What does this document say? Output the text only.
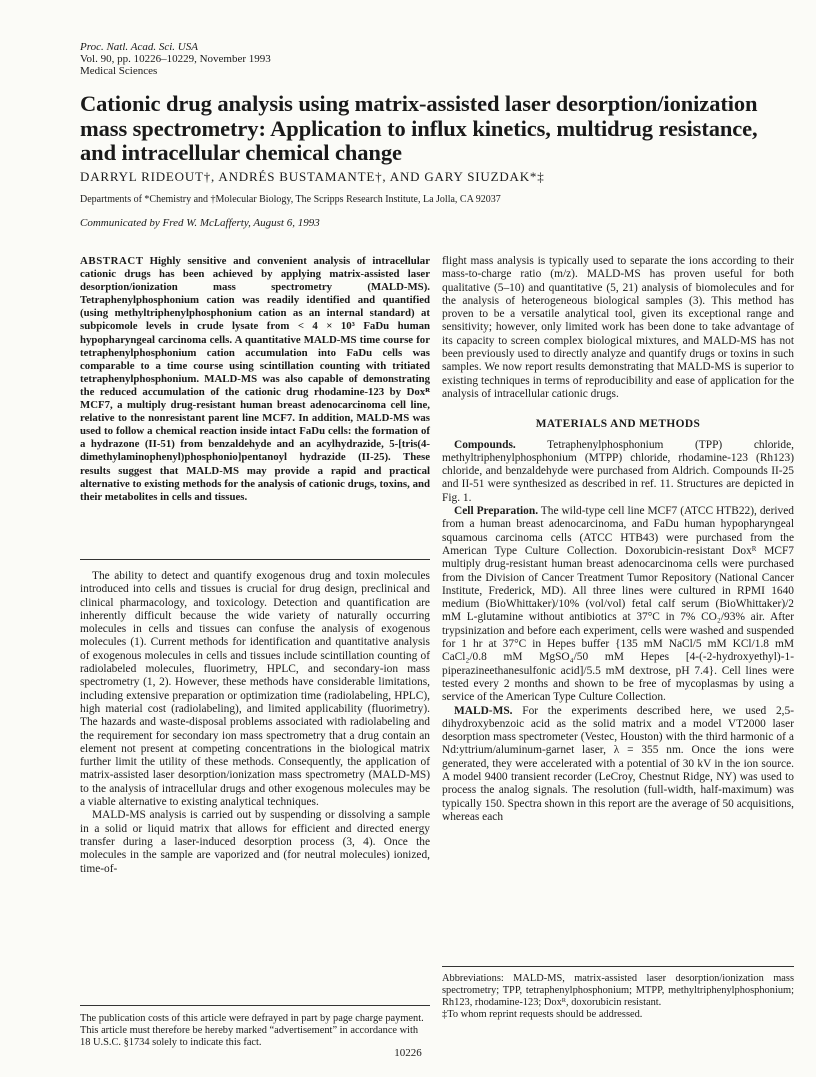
Proc. Natl. Acad. Sci. USA
Vol. 90, pp. 10226–10229, November 1993
Medical Sciences
Cationic drug analysis using matrix-assisted laser desorption/ionization mass spectrometry: Application to influx kinetics, multidrug resistance, and intracellular chemical change
DARRYL RIDEOUT†, ANDRÉS BUSTAMANTE†, AND GARY SIUZDAK*‡
Departments of *Chemistry and †Molecular Biology, The Scripps Research Institute, La Jolla, CA 92037
Communicated by Fred W. McLafferty, August 6, 1993

ABSTRACT Highly sensitive and convenient analysis of intracellular cationic drugs has been achieved by applying matrix-assisted laser desorption/ionization mass spectrometry (MALD-MS). Tetraphenylphosphonium cation was readily identified and quantified (using methyltriphenylphosphonium cation as an internal standard) at subpicomole levels in crude lysate from < 4 × 10³ FaDu human hypopharyngeal carcinoma cells. A quantitative MALD-MS time course for tetraphenylphosphonium cation accumulation into FaDu cells was comparable to a time course using scintillation counting with tritiated tetraphenylphosphonium. MALD-MS was also capable of demonstrating the reduced accumulation of the cationic drug rhodamine-123 by Doxᴿ MCF7, a multiply drug-resistant human breast adenocarcinoma cell line, relative to the nonresistant parent line MCF7. In addition, MALD-MS was used to follow a chemical reaction inside intact FaDu cells: the formation of a hydrazone (II-51) from benzaldehyde and an acylhydrazide, 5-[tris(4-dimethylaminophenyl)phosphonio]pentanoyl hydrazide (II-25). These results suggest that MALD-MS may provide a rapid and practical alternative to existing methods for the analysis of cationic drugs, toxins, and their metabolites in cells and tissues.

The ability to detect and quantify exogenous drug and toxin molecules introduced into cells and tissues is crucial for drug design, preclinical and clinical pharmacology, and toxicology. Detection and quantification are inherently difficult because the wide variety of naturally occurring molecules in cells and tissues can confuse the analysis of exogenous molecules (1). Current methods for identification and quantitative analysis of exogenous molecules in cells and tissues include scintillation counting of radiolabeled molecules, fluorimetry, HPLC, and secondary-ion mass spectrometry (1, 2). However, these methods have considerable limitations, including extensive preparation or optimization time (radiolabeling, HPLC), high material cost (radiolabeling), and limited applicability (fluorimetry). The hazards and waste-disposal problems associated with radiolabeling and the requirement for secondary ion mass spectrometry that a drug contain an element not present at competing concentrations in the biological matrix further limit the utility of these methods. Consequently, the application of matrix-assisted laser desorption/ionization mass spectrometry (MALD-MS) to the analysis of intracellular drugs and other exogenous molecules may be a viable alternative to existing analytical techniques.

MALD-MS analysis is carried out by suspending or dissolving a sample in a solid or liquid matrix that allows for efficient and directed energy transfer during a laser-induced desorption process (3, 4). Once the molecules in the sample are vaporized and (for neutral molecules) ionized, time-of-

flight mass analysis is typically used to separate the ions according to their mass-to-charge ratio (m/z). MALD-MS has proven useful for both qualitative (5–10) and quantitative (5, 21) analysis of biomolecules and for the analysis of heterogeneous biological samples (3). This method has proven to be a versatile analytical tool, given its exceptional range and sensitivity; however, only limited work has been done to take advantage of its capacity to screen complex biological mixtures, and MALD-MS has not been previously used to directly analyze and quantify drugs or toxins in such samples. We now report results demonstrating that MALD-MS is superior to existing techniques in terms of reproducibility and ease of application for the analysis of intracellular cationic drugs.

MATERIALS AND METHODS

Compounds.	Tetraphenylphosphonium (TPP) chloride, methyltriphenylphosphonium (MTPP) chloride, rhodamine-123 (Rh123) chloride, and benzaldehyde were purchased from Aldrich. Compounds II-25 and II-51 were synthesized as described in ref. 11. Structures are depicted in Fig. 1.

Cell Preparation. The wild-type cell line MCF7 (ATCC HTB22), derived from a human breast adenocarcinoma, and FaDu human hypopharyngeal squamous carcinoma cells (ATCC HTB43) were purchased from the American Type Culture Collection. Doxorubicin-resistant Doxᴿ MCF7 multiply drug-resistant human breast adenocarcinoma cells were purchased from the Division of Cancer Treatment Tumor Repository (National Cancer Institute, Frederick, MD). All three lines were cultured in RPMI 1640 medium (BioWhittaker)/10% (vol/vol) fetal calf serum (BioWhittaker)/2 mM L-glutamine without antibiotics at 37°C in 7% CO₂/93% air. After trypsinization and before each experiment, cells were washed and suspended for 1 hr at 37°C in Hepes buffer {135 mM NaCl/5 mM KCl/1.8 mM CaCl₂/0.8 mM MgSO₄/50 mM Hepes [4-(-2-hydroxyethyl)-1-piperazineethanesulfonic acid]/5.5 mM dextrose, pH 7.4}. Cell lines were tested every 2 months and shown to be free of mycoplasmas by using a service of the American Type Culture Collection.

MALD-MS. For the experiments described here, we used 2,5-dihydroxybenzoic acid as the solid matrix and a model VT2000 laser desorption mass spectrometer (Vestec, Houston) with the third harmonic of a Nd:yttrium/aluminum-garnet laser, λ = 355 nm. Once the ions were generated, they were accelerated with a potential of 30 kV in the ion source. A model 9400 transient recorder (LeCroy, Chestnut Ridge, NY) was used to process the analog signals. The resolution (full-width, half-maximum) was typically 150. Spectra shown in this report are the average of 50 acquisitions, whereas each

The publication costs of this article were defrayed in part by page charge payment. This article must therefore be hereby marked “advertisement” in accordance with 18 U.S.C. §1734 solely to indicate this fact.
Abbreviations: MALD-MS, matrix-assisted laser desorption/ionization mass spectrometry; TPP, tetraphenylphosphonium; MTPP, methyltriphenylphosphonium; Rh123, rhodamine-123; Doxᴿ, doxorubicin resistant.
‡To whom reprint requests should be addressed.
10226
